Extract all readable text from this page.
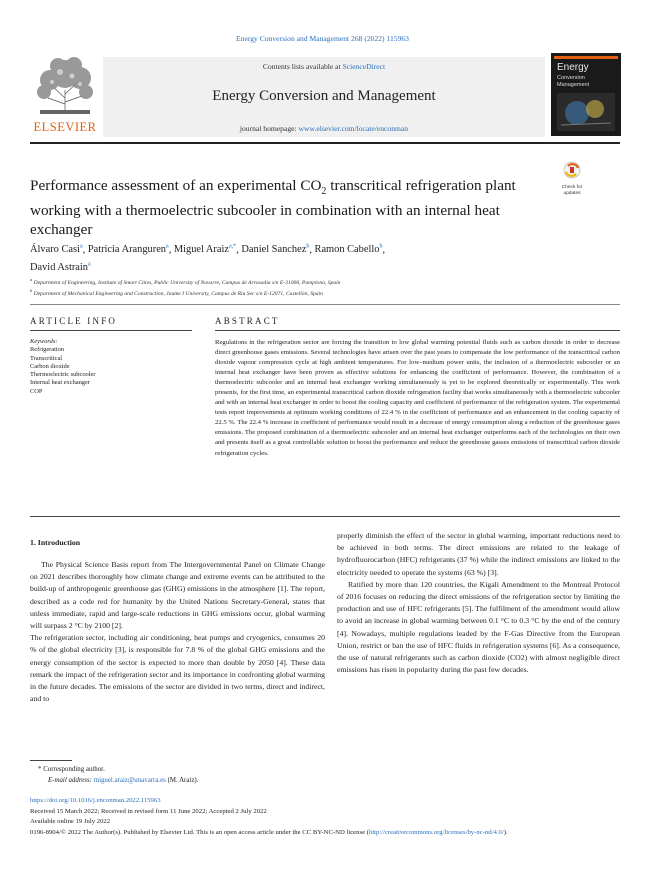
Energy Conversion and Management 268 (2022) 115963
ELSEVIER
Contents lists available at ScienceDirect
Energy Conversion and Management
journal homepage: www.elsevier.com/locate/enconman
Energy
Conversion
Management
Performance assessment of an experimental $CO_2$ transcritical refrigeration plant working with a thermoelectric subcooler in combination with an internal heat exchanger
Check for
updates
Álvaro Casi$^a$, Patricia Aranguren$^a$, Miguel Araiz$^{a,*}$, Daniel Sanchez$^b$, Ramon Cabello$^b$,
David Astrain$^a$
$^a$ Department of Engineering, Institute of Smart Cities, Public University of Navarre, Campus de Arrosadía s/n E-31006, Pamplona, Spain
$^b$ Department of Mechanical Engineering and Construction, Jaume I University, Campus de Riu Sec s/n E-12071, Castellón, Spain
ARTICLE INFO
Keywords:
Refrigeration
Transcritical
Carbon dioxide
Thermoelectric subcooler
Internal heat exchanger
COP
ABSTRACT
Regulations in the refrigeration sector are forcing the transition to low global warming potential fluids such as carbon dioxide in order to decrease direct greenhouse gases emissions. Several technologies have arisen over the past years to compensate the low performance of the transcritical carbon dioxide vapour compression cycle at high ambient temperatures. For low–medium power units, the inclusion of a thermoelectric subcooler or an internal heat exchanger have been proven as effective solutions for enhancing the coefficient of performance. However, the combination of a thermoelectric subcooler and an internal heat exchanger working simultaneously is yet to be explored theoretically or experimentally. This work presents, for the first time, an experimental transcritical carbon dioxide refrigeration facility that works simultaneously with a thermoelectric subcooler and with an internal heat exchanger in order to boost the cooling capacity and coefficient of performance of the refrigeration system. The experimental tests report improvements at optimum working conditions of 22.4 % in the coefficient of performance and an enhancement in the cooling capacity of 22.5 %. The 22.4 % increase in coefficient of performance would result in a decrease of energy consumption along a reduction of the greenhouse gases emissions. The proposed combination of a thermoelectric subcooler and an internal heat exchanger outperforms each of the technologies on their own and presents itself as a great controllable solution to boost the performance and reduce the greenhouse gasses emissions of transcritical carbon dioxide refrigeration cycles.
1. Introduction

The Physical Science Basis report from The Intergovernmental Panel on Climate Change on 2021 describes thoroughly how climate change and extreme events can be attributed to the build-up of anthropogenic greenhouse gas (GHG) emissions in the atmosphere [1]. The report, described as a code red for humanity by the United Nations Secretary-General, states that unless immediate, rapid and large-scale reductions in GHG emissions occur, global warming will surpass 2 °C by 2100 [2].

The refrigeration sector, including air conditioning, heat pumps and cryogenics, consumes 20 % of the global electricity [3], is responsible for 7.8 % of the global GHG emissions and the energy consumption of the sector is expected to more than double by 2050 [4]. These data remark the impact of the refrigeration sector and its importance in confronting global warming in the future decades. The emissions of the sector are divided in two terms, direct and indirect, and to

properly diminish the effect of the sector in global warming, important reductions need to be achieved in both terms. The direct emissions are related to the leakage of hydrofluorocarbon (HFC) refrigerants (37 %) while the indirect emissions are linked to the electricity needed to operate the systems (63 %) [3].

Ratified by more than 120 countries, the Kigali Amendment to the Montreal Protocol of 2016 focuses on reducing the direct emissions of the refrigeration sector by limiting the production and use of HFC refrigerants [5]. The fulfilment of the amendment would allow to avoid an increase in global warming between 0.1 °C to 0.3 °C by the end of the century [4]. Nowadays, multiple regulations leaded by the F-Gas Directive from the European Union, restrict or ban the use of HFC fluids in refrigeration systems [6]. As a consequence, the use of natural refrigerants such as carbon dioxide (CO2) with almost negligible direct emissions has risen in popularity during the past few decades.

* Corresponding author.
E-mail address: miguel.araiz@unavarra.es (M. Araiz).
https://doi.org/10.1016/j.enconman.2022.115963
Received 15 March 2022; Received in revised form 11 June 2022; Accepted 2 July 2022
Available online 19 July 2022
0196-8904/© 2022 The Author(s). Published by Elsevier Ltd. This is an open access article under the CC BY-NC-ND license (http://creativecommons.org/licenses/by-nc-nd/4.0/).
